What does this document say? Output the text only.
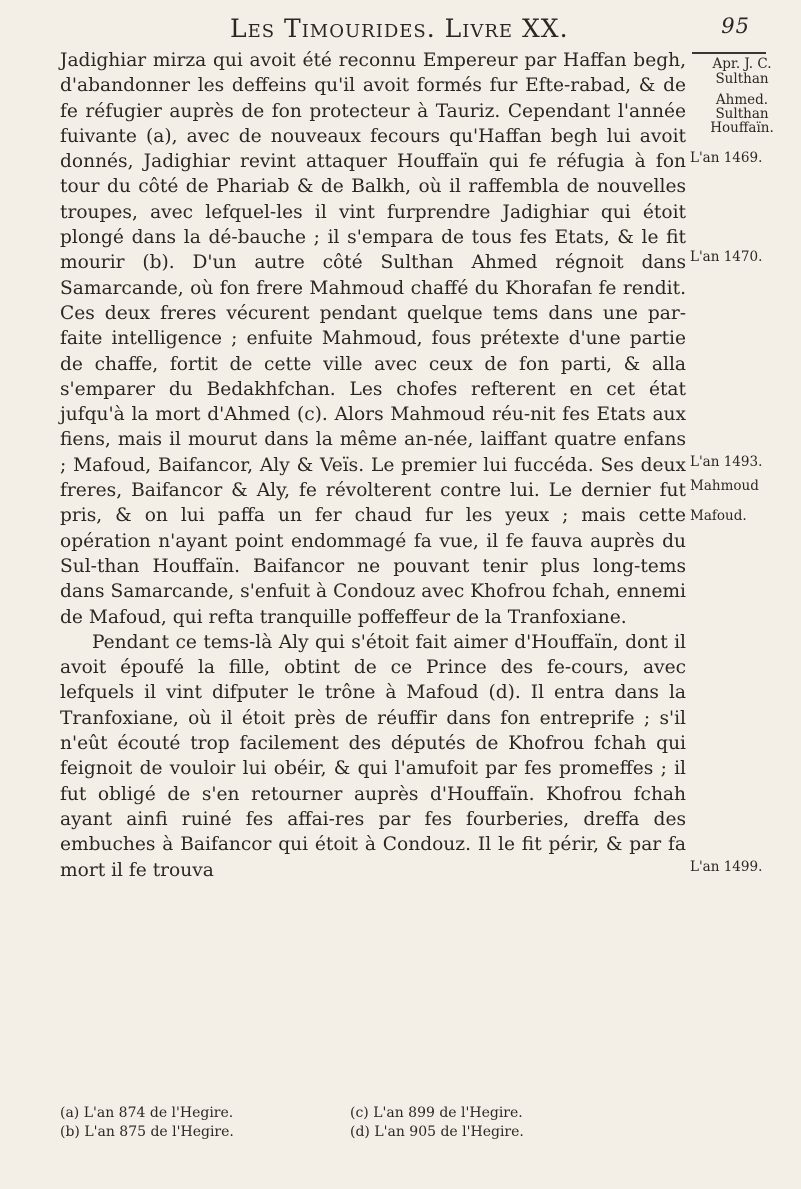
Les Timourides. Livre XX.	95

Jadighiar mirza qui avoit été reconnu Empereur par Haffan begh, d'abandonner les deffeins qu'il avoit formés fur Efte-rabad, & de fe réfugier auprès de fon protecteur à Tauriz. Cependant l'année fuivante (a), avec de nouveaux fecours qu'Haffan begh lui avoit donnés, Jadighiar revint attaquer Houffaïn qui fe réfugia à fon tour du côté de Phariab & de Balkh, où il raffembla de nouvelles troupes, avec lefquel-les il vint furprendre Jadighiar qui étoit plongé dans la dé-bauche ; il s'empara de tous fes Etats, & le fit mourir (b). D'un autre côté Sulthan Ahmed régnoit dans Samarcande, où fon frere Mahmoud chaffé du Khorafan fe rendit. Ces deux freres vécurent pendant quelque tems dans une par-faite intelligence ; enfuite Mahmoud, fous prétexte d'une partie de chaffe, fortit de cette ville avec ceux de fon parti, & alla s'emparer du Bedakhfchan. Les chofes refterent en cet état jufqu'à la mort d'Ahmed (c). Alors Mahmoud réu-nit fes Etats aux fiens, mais il mourut dans la même an-née, laiffant quatre enfans ; Mafoud, Baifancor, Aly & Veïs. Le premier lui fuccéda. Ses deux freres, Baifancor & Aly, fe révolterent contre lui. Le dernier fut pris, & on lui paffa un fer chaud fur les yeux ; mais cette opération n'ayant point endommagé fa vue, il fe fauva auprès du Sul-than Houffaïn. Baifancor ne pouvant tenir plus long-tems dans Samarcande, s'enfuit à Condouz avec Khofrou fchah, ennemi de Mafoud, qui refta tranquille poffeffeur de la Tranfoxiane.

Pendant ce tems-là Aly qui s'étoit fait aimer d'Houffaïn, dont il avoit époufé la fille, obtint de ce Prince des fe-cours, avec lefquels il vint difputer le trône à Mafoud (d). Il entra dans la Tranfoxiane, où il étoit près de réuffir dans fon entreprife ; s'il n'eût écouté trop facilement des députés de Khofrou fchah qui feignoit de vouloir lui obéir, & qui l'amufoit par fes promeffes ; il fut obligé de s'en retourner auprès d'Houffaïn. Khofrou fchah ayant ainfi ruiné fes affai-res par fes fourberies, dreffa des embuches à Baifancor qui étoit à Condouz. Il le fit périr, & par fa mort il fe trouva

Apr. J. C.
Sulthan
Ahmed.
Sulthan
Houffaïn.
L'an 1469.
L'an 1470.
L'an 1493.
Mahmoud
Mafoud.
L'an 1499.
(a) L'an 874 de l'Hegire.
(b) L'an 875 de l'Hegire.
(c) L'an 899 de l'Hegire.
(d) L'an 905 de l'Hegire.
